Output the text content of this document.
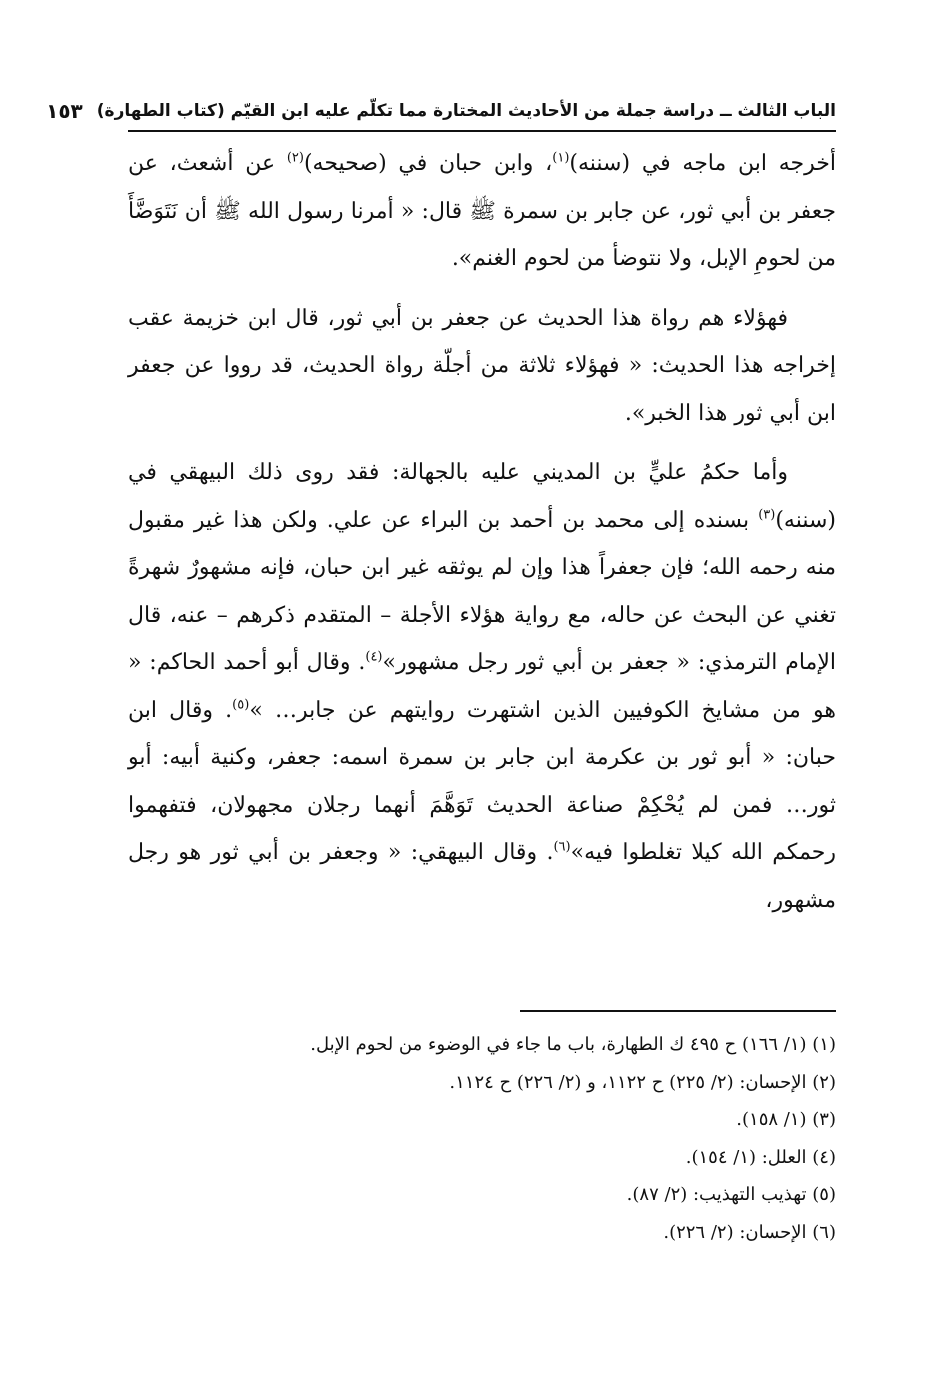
الباب الثالث ــ دراسة جملة من الأحاديث المختارة مما تكلّم عليه ابن القيّم (كتاب الطهارة)
١٥٣

أخرجه ابن ماجه في (سننه)$^{(١)}$، وابن حبان في (صحيحه)$^{(٢)}$ عن أشعث، عن جعفر بن أبي ثور، عن جابر بن سمرة ﷺ قال: « أمرنا رسول الله ﷺ أن نَتَوَضَّأَ من لحومِ الإبل، ولا نتوضأ من لحوم الغنم».

فهؤلاء هم رواة هذا الحديث عن جعفر بن أبي ثور، قال ابن خزيمة عقب إخراجه هذا الحديث: « فهؤلاء ثلاثة من أجلّة رواة الحديث، قد رووا عن جعفر ابن أبي ثور هذا الخبر».

وأما حكمُ عليٍّ بن المديني عليه بالجهالة: فقد روى ذلك البيهقي في (سننه)$^{(٣)}$ بسنده إلى محمد بن أحمد بن البراء عن علي. ولكن هذا غير مقبول منه رحمه الله؛ فإن جعفراً هذا وإن لم يوثقه غير ابن حبان، فإنه مشهورٌ شهرةً تغني عن البحث عن حاله، مع رواية هؤلاء الأجلة – المتقدم ذكرهم – عنه، قال الإمام الترمذي: « جعفر بن أبي ثور رجل مشهور»$^{(٤)}$. وقال أبو أحمد الحاكم: « هو من مشايخ الكوفيين الذين اشتهرت روايتهم عن جابر… »$^{(٥)}$. وقال ابن حبان: « أبو ثور بن عكرمة ابن جابر بن سمرة اسمه: جعفر، وكنية أبيه: أبو ثور… فمن لم يُحْكِمْ صناعة الحديث تَوَهَّمَ أنهما رجلان مجهولان، فتفهموا رحمكم الله كيلا تغلطوا فيه»$^{(٦)}$. وقال البيهقي: « وجعفر بن أبي ثور هو رجل مشهور،

(١) (١/ ١٦٦) ح ٤٩٥ ك الطهارة، باب ما جاء في الوضوء من لحوم الإبل.

(٢) الإحسان: (٢/ ٢٢٥) ح ١١٢٢، و (٢/ ٢٢٦) ح ١١٢٤.

(٣) (١/ ١٥٨).

(٤) العلل: (١/ ١٥٤).

(٥) تهذيب التهذيب: (٢/ ٨٧).

(٦) الإحسان: (٢/ ٢٢٦).
